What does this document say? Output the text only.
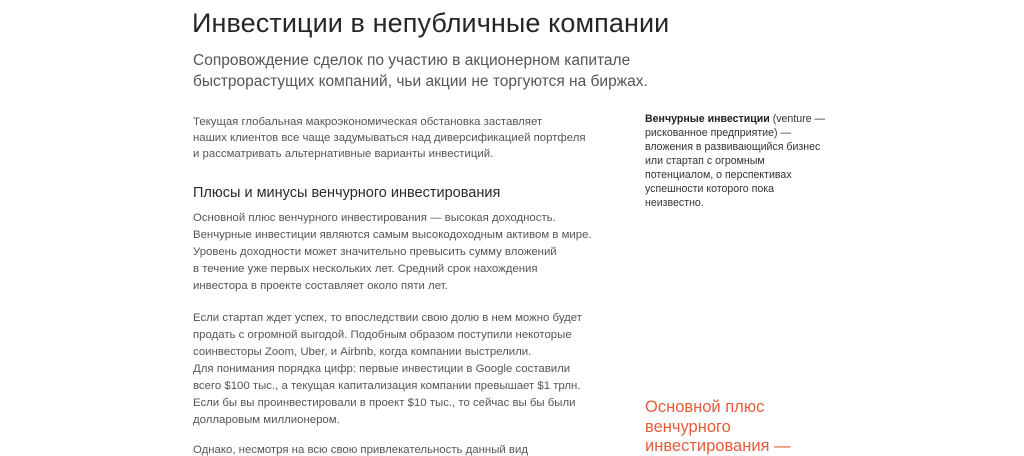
Инвестиции в непубличные компании

Сопровождение сделок по участию в акционерном капитале
быстрорастущих компаний, чьи акции не торгуются на биржах.

Текущая глобальная макроэкономическая обстановка заставляет
наших клиентов все чаще задумываться над диверсификацией портфеля
и рассматривать альтернативные варианты инвестиций.

Плюсы и минусы венчурного инвестирования

Основной плюс венчурного инвестирования — высокая доходность.
Венчурные инвестиции являются самым высокодоходным активом в мире.
Уровень доходности может значительно превысить сумму вложений
в течение уже первых нескольких лет. Средний срок нахождения
инвестора в проекте составляет около пяти лет.

Если стартап ждет успех, то впоследствии свою долю в нем можно будет
продать с огромной выгодой. Подобным образом поступили некоторые
соинвесторы Zoom, Uber, и Airbnb, когда компании выстрелили.
Для понимания порядка цифр: первые инвестиции в Google составили
всего $100 тыс., а текущая капитализация компании превышает $1 трлн.
Если бы вы проинвестировали в проект $10 тыс., то сейчас вы бы были
долларовым миллионером.

Однако, несмотря на всю свою привлекательность данный вид

Венчурные инвестиции (venture —
рискованное предприятие) —
вложения в развивающийся бизнес
или стартап с огромным
потенциалом, о перспективах
успешности которого пока
неизвестно.

Основной плюс
венчурного
инвестирования —
